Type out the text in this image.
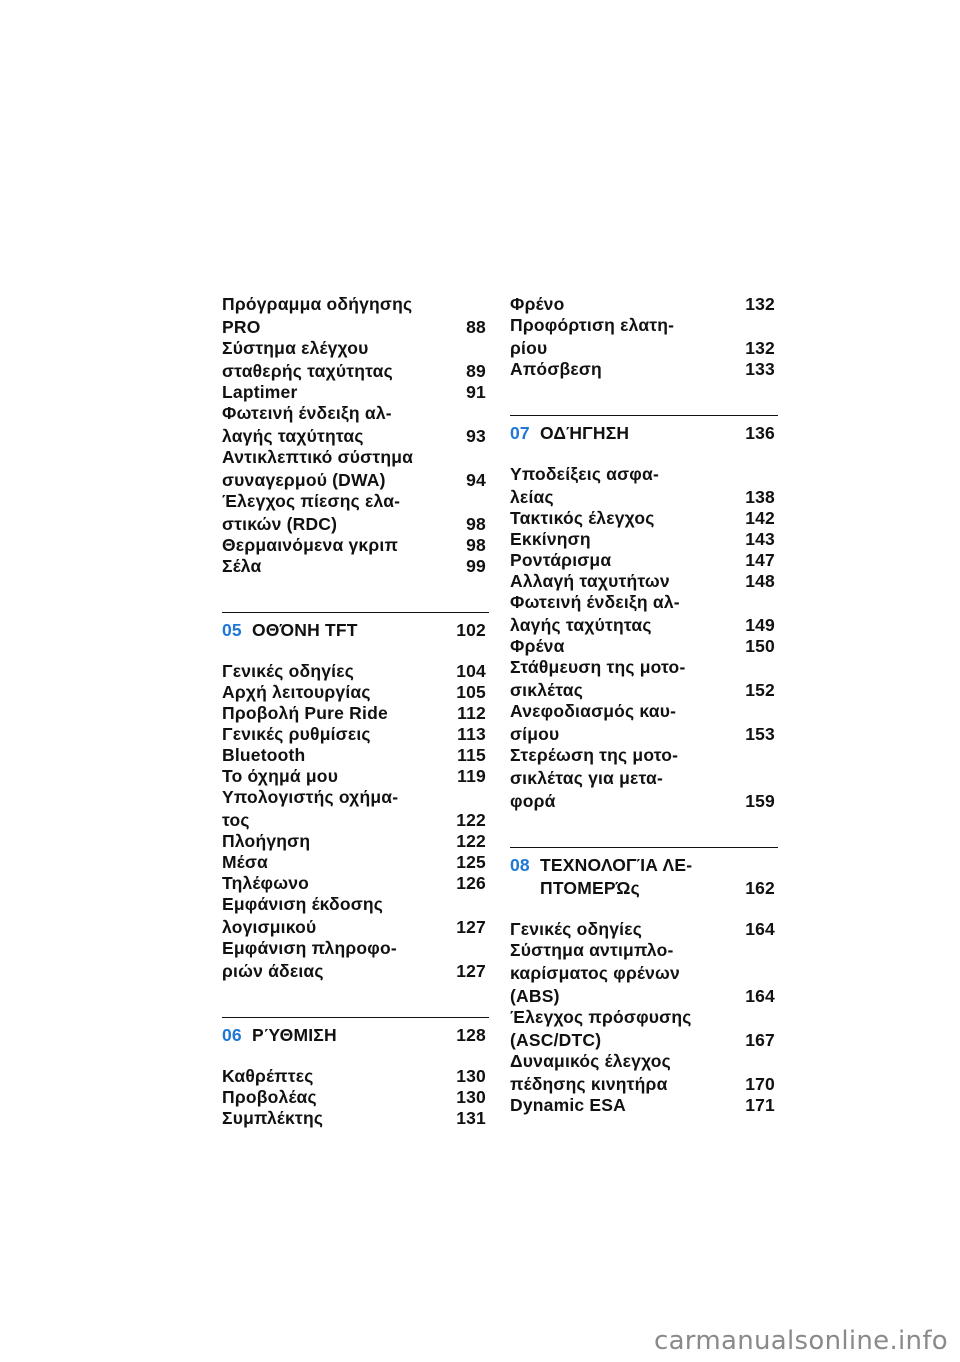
Πρόγραμμα οδήγησης
PRO	88
Σύστημα ελέγχου
σταθερής ταχύτητας	89
Laptimer	91
Φωτεινή ένδειξη αλ-
λαγής ταχύτητας	93
Αντικλεπτικό σύστημα
συναγερμού (DWA)	94
Έλεγχος πίεσης ελα-
στικών (RDC)	98
Θερμαινόμενα γκριπ	98
Σέλα	99
05 ΟΘΌΝΗ TFT	102
Γενικές οδηγίες	104
Αρχή λειτουργίας	105
Προβολή Pure Ride	112
Γενικές ρυθμίσεις	113
Bluetooth	115
Το όχημά μου	119
Υπολογιστής οχήμα-
τος	122
Πλοήγηση	122
Μέσα	125
Τηλέφωνο	126
Εμφάνιση έκδοσης
λογισμικού	127
Εμφάνιση πληροφο-
ριών άδειας	127
06 ΡΎΘΜΙΣΗ	128
Καθρέπτες	130
Προβολέας	130
Συμπλέκτης	131
Φρένο	132
Προφόρτιση ελατη-
ρίου	132
Απόσβεση	133
07 ΟΔΉΓΗΣΗ	136
Υποδείξεις ασφα-
λείας	138
Τακτικός έλεγχος	142
Εκκίνηση	143
Ροντάρισμα	147
Αλλαγή ταχυτήτων	148
Φωτεινή ένδειξη αλ-
λαγής ταχύτητας	149
Φρένα	150
Στάθμευση της μοτο-
σικλέτας	152
Ανεφοδιασμός καυ-
σίμου	153
Στερέωση της μοτο-
σικλέτας για μετα-
φορά	159
08 ΤΕΧΝΟΛΟΓΊΑ ΛΕ-
ΠΤΟΜΕΡΏς	162
Γενικές οδηγίες	164
Σύστημα αντιμπλο-
καρίσματος φρένων
(ABS)	164
Έλεγχος πρόσφυσης
(ASC/DTC)	167
Δυναμικός έλεγχος
πέδησης κινητήρα	170
Dynamic ESA	171
carmanualsonline.info
